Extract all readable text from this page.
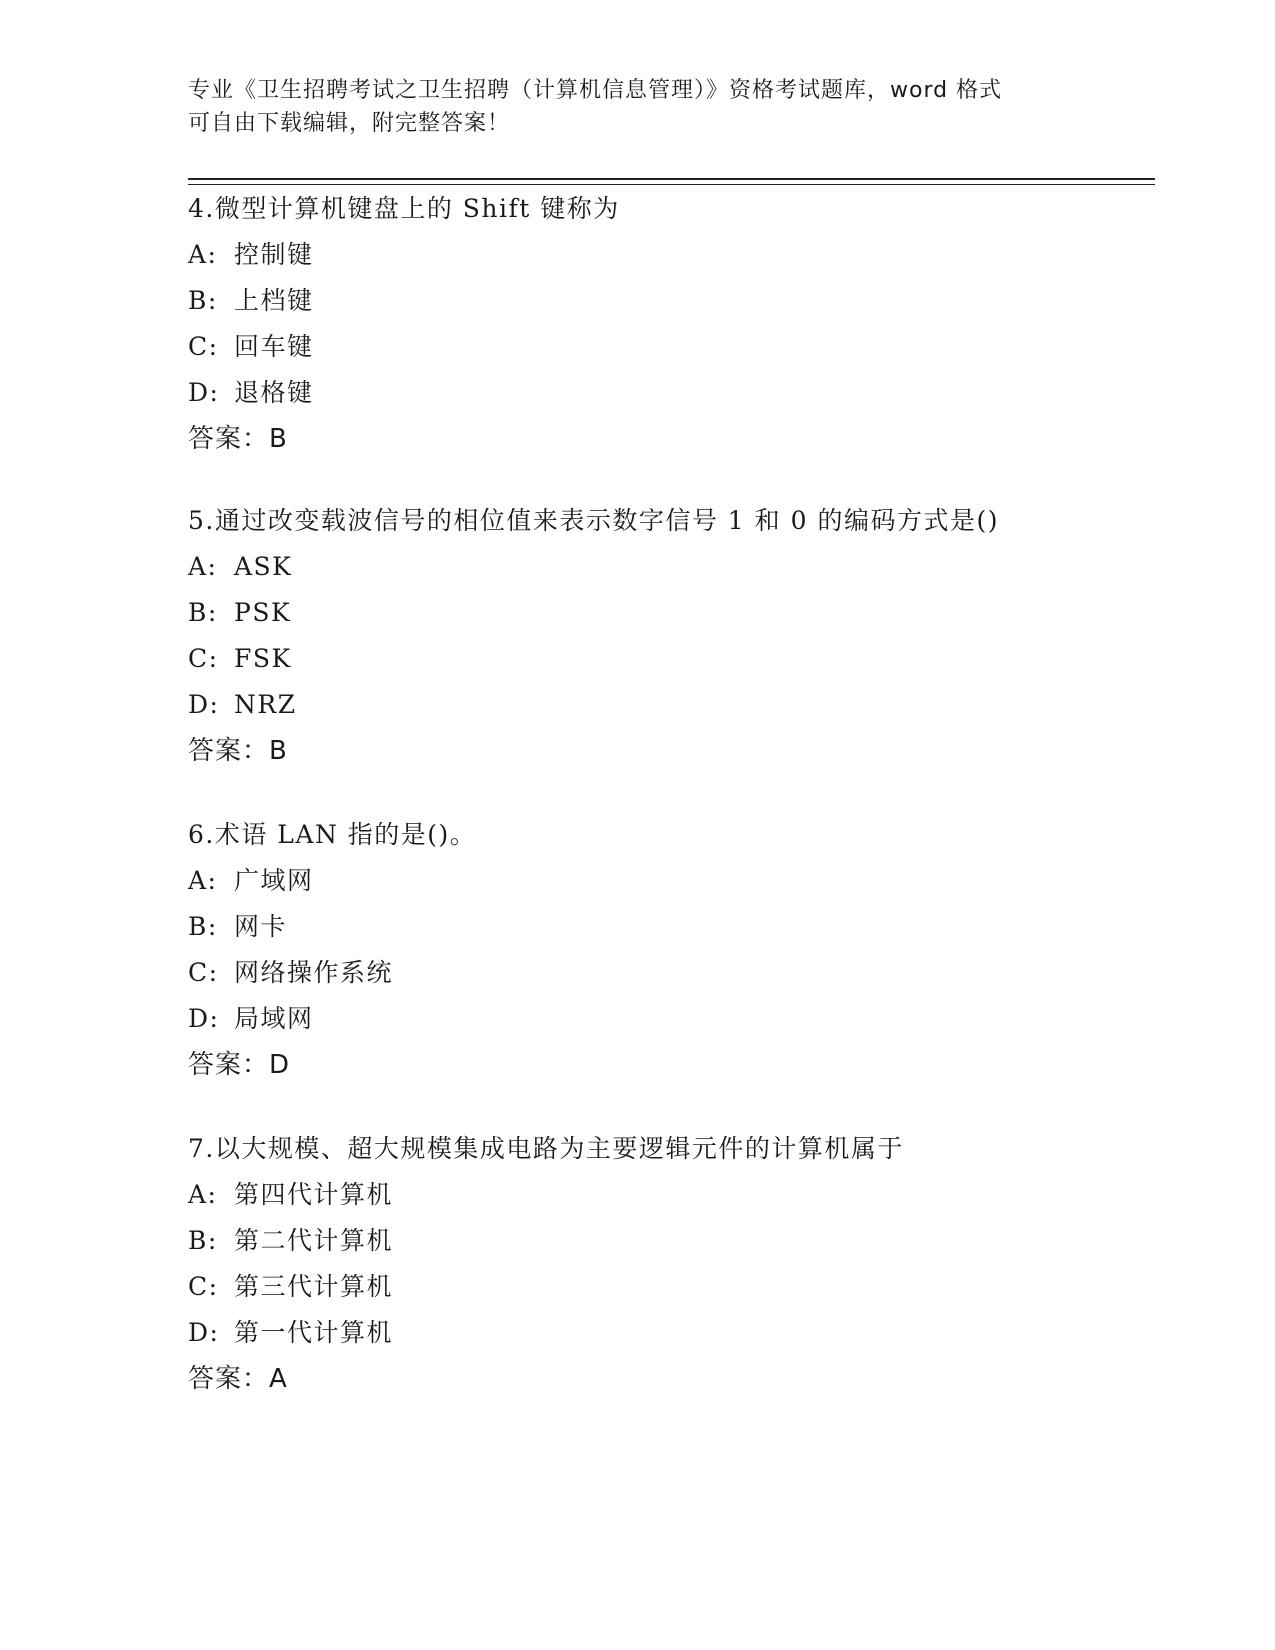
专业《卫生招聘考试之卫生招聘（计算机信息管理）》资格考试题库，word 格式
可自由下载编辑，附完整答案！

4.微型计算机键盘上的 Shift 键称为
A: 控制键
B: 上档键
C: 回车键
D: 退格键
答案：B
5.通过改变载波信号的相位值来表示数字信号 1 和 0 的编码方式是()
A: ASK
B: PSK
C: FSK
D: NRZ
答案：B
6.术语 LAN 指的是()。
A: 广域网
B: 网卡
C: 网络操作系统
D: 局域网
答案：D
7.以大规模、超大规模集成电路为主要逻辑元件的计算机属于
A: 第四代计算机
B: 第二代计算机
C: 第三代计算机
D: 第一代计算机
答案：A
